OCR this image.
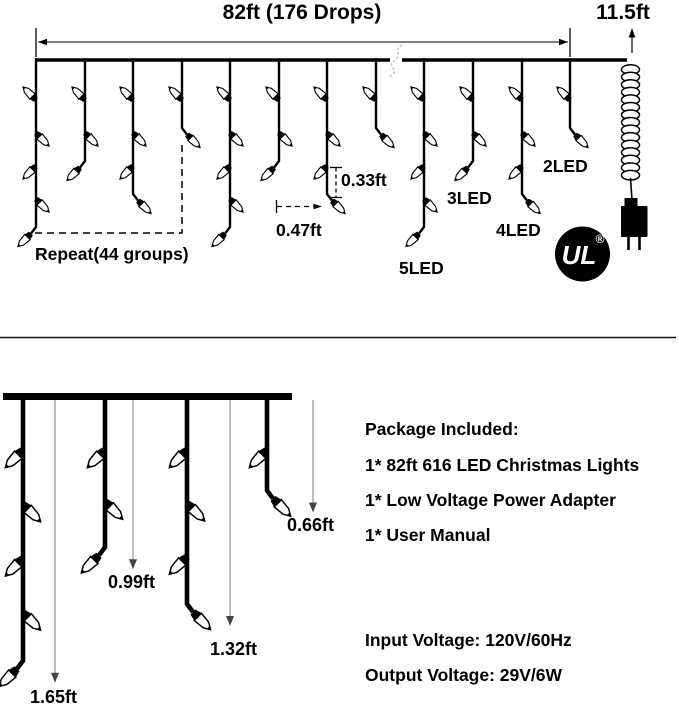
82ft (176 Drops)	11.5ft
Repeat(44 groups)
0.33ft
0.47ft
5LED
3LED
4LED
2LED
UL
®
1.65ft
0.99ft
1.32ft
0.66ft
Package Included:
1* 82ft 616 LED Christmas Lights
1* Low Voltage Power Adapter
1* User Manual
Input Voltage: 120V/60Hz
Output Voltage: 29V/6W
